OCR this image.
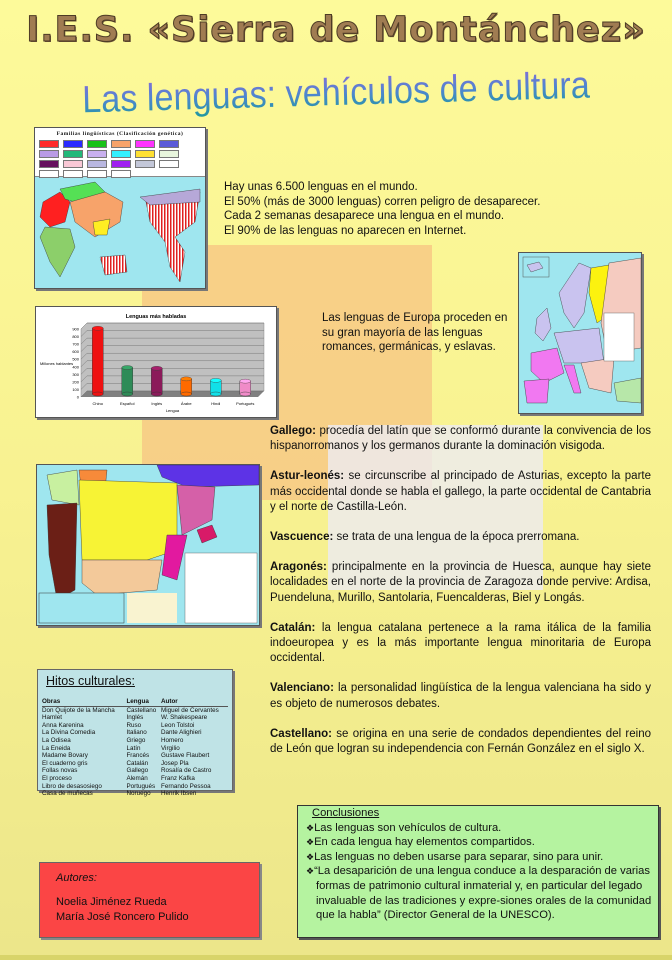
I.E.S. «Sierra de Montánchez»
Las lenguas: vehículos de cultura
Familias lingüísticas (Clasificación genética)
Hay unas 6.500 lenguas en el mundo.
El 50% (más de 3000 lenguas) corren peligro de desaparecer.
Cada 2 semanas desaparece una lengua en el mundo.
El 90% de las lenguas no aparecen en Internet.
Lenguas más habladas
0
100
200
300
400
500
600
700
800
900
Millones hablantes
Chino	Español	Inglés	Árabe	Hindi	Portugués
Lengua
Las lenguas de Europa proceden en su gran mayoría de las lenguas romances, germánicas, y eslavas.

Gallego: procedía del latín que se conformó durante la convivencia de los hispanorromanos y los germanos durante la dominación visigoda.

Astur-leonés: se circunscribe al principado de Asturias, excepto la parte más occidental donde se habla el gallego, la parte occidental de Cantabria y el norte de Castilla-León.

Vascuence: se trata de una lengua de la época prerromana.

Aragonés: principalmente en la provincia de Huesca, aunque hay siete localidades en el norte de la provincia de Zaragoza donde pervive: Ardisa, Puendeluna, Murillo, Santolaria, Fuencalderas, Biel y Longás.

Catalán: la lengua catalana pertenece a la rama itálica de la familia indoeuropea y es la más importante lengua minoritaria de Europa occidental.

Valenciano: la personalidad lingüística de la lengua valenciana ha sido y es objeto de numerosos debates.

Castellano: se origina en una serie de condados dependientes del reino de León que logran su independencia con Fernán González en el siglo X.

Hitos culturales:
Obras	Lengua	Autor
Don Quijote de la Mancha	Castellano	Miguel de Cervantes
Hamlet	Inglés	W. Shakespeare
Anna Karenina	Ruso	Leon Tolstoi
La Divina Comedia	Italiano	Dante Alighieri
La Odisea	Griego	Homero
La Eneida	Latín	Virgilio
Madame Bovary	Francés	Gustave Flaubert
El cuaderno gris	Catalán	Josep Pla
Follas novas	Gallego	Rosalía de Castro
El proceso	Alemán	Franz Kafka
Libro de desasosiego	Portugués	Fernando Pessoa
Casa de muñecas	Noruego	Henrik Ibsen
Autores:
Noelia Jiménez Rueda
María José Roncero Pulido
Conclusiones
❖ Las lenguas son vehículos de cultura.
❖ En cada lengua hay elementos compartidos.
❖ Las lenguas no deben usarse para separar, sino para unir.
❖ “La desaparición de una lengua conduce a la desparación de varias formas de patrimonio cultural inmaterial y, en particular del legado invaluable de las tradiciones y expre-siones orales de la comunidad que la habla” (Director General de la UNESCO).
